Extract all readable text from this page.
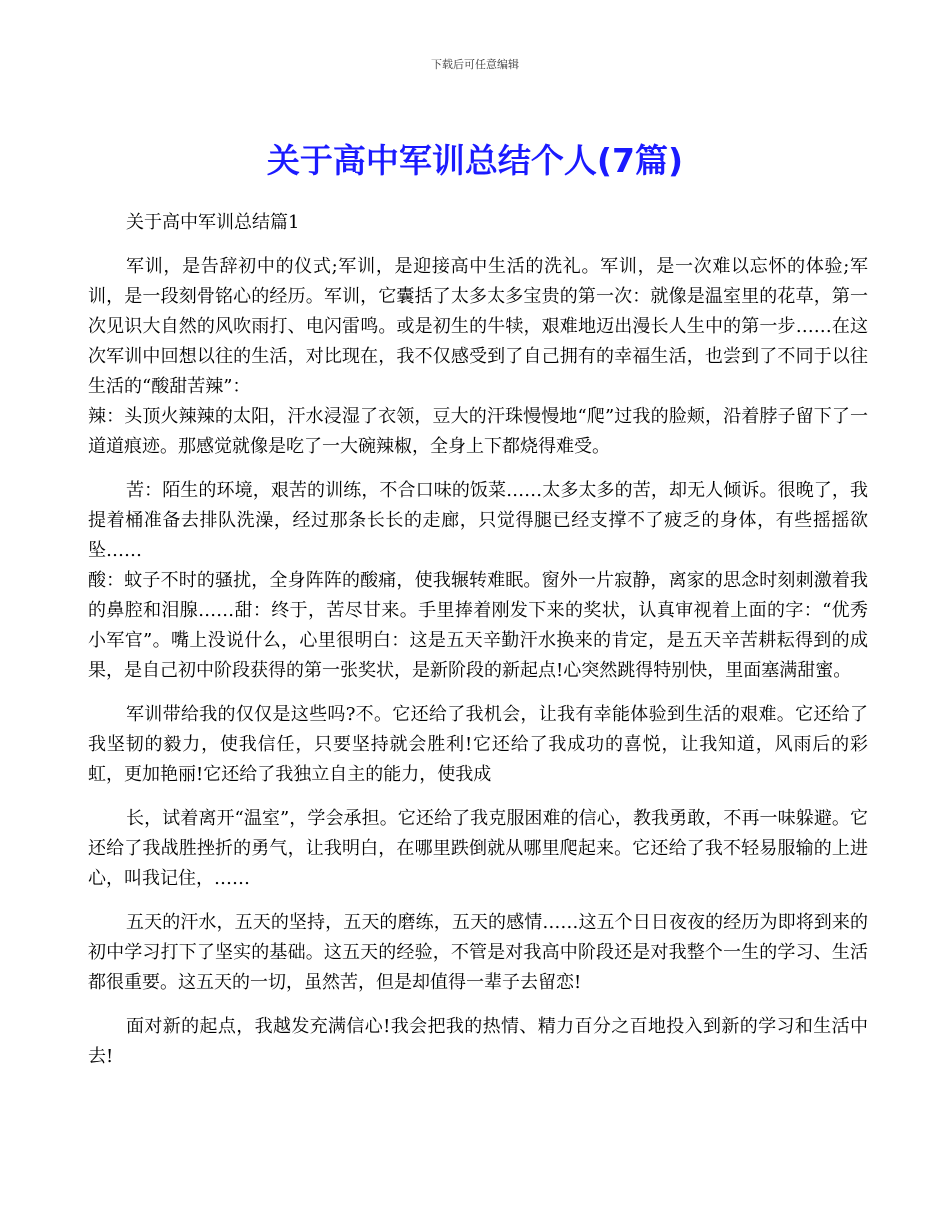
下载后可任意编辑
关于高中军训总结个人(7篇)

关于高中军训总结篇1

军训，是告辞初中的仪式;军训，是迎接高中生活的洗礼。军训，是一次难以忘怀的体验;军训，是一段刻骨铭心的经历。军训，它囊括了太多太多宝贵的第一次：就像是温室里的花草，第一次见识大自然的风吹雨打、电闪雷鸣。或是初生的牛犊，艰难地迈出漫长人生中的第一步……在这次军训中回想以往的生活，对比现在，我不仅感受到了自己拥有的幸福生活，也尝到了不同于以往生活的“酸甜苦辣”：

辣：头顶火辣辣的太阳，汗水浸湿了衣领，豆大的汗珠慢慢地“爬”过我的脸颊，沿着脖子留下了一道道痕迹。那感觉就像是吃了一大碗辣椒，全身上下都烧得难受。

苦：陌生的环境，艰苦的训练，不合口味的饭菜……太多太多的苦，却无人倾诉。很晚了，我提着桶准备去排队洗澡，经过那条长长的走廊，只觉得腿已经支撑不了疲乏的身体，有些摇摇欲坠……

酸：蚊子不时的骚扰，全身阵阵的酸痛，使我辗转难眠。窗外一片寂静，离家的思念时刻刺激着我的鼻腔和泪腺……甜：终于，苦尽甘来。手里捧着刚发下来的奖状，认真审视着上面的字：“优秀小军官”。嘴上没说什么，心里很明白：这是五天辛勤汗水换来的肯定，是五天辛苦耕耘得到的成果，是自己初中阶段获得的第一张奖状，是新阶段的新起点!心突然跳得特别快，里面塞满甜蜜。

军训带给我的仅仅是这些吗?不。它还给了我机会，让我有幸能体验到生活的艰难。它还给了我坚韧的毅力，使我信任，只要坚持就会胜利!它还给了我成功的喜悦，让我知道，风雨后的彩虹，更加艳丽!它还给了我独立自主的能力，使我成

长，试着离开“温室”，学会承担。它还给了我克服困难的信心，教我勇敢，不再一味躲避。它还给了我战胜挫折的勇气，让我明白，在哪里跌倒就从哪里爬起来。它还给了我不轻易服输的上进心，叫我记住，……

五天的汗水，五天的坚持，五天的磨练，五天的感情……这五个日日夜夜的经历为即将到来的初中学习打下了坚实的基础。这五天的经验，不管是对我高中阶段还是对我整个一生的学习、生活都很重要。这五天的一切，虽然苦，但是却值得一辈子去留恋!

面对新的起点，我越发充满信心!我会把我的热情、精力百分之百地投入到新的学习和生活中去!
